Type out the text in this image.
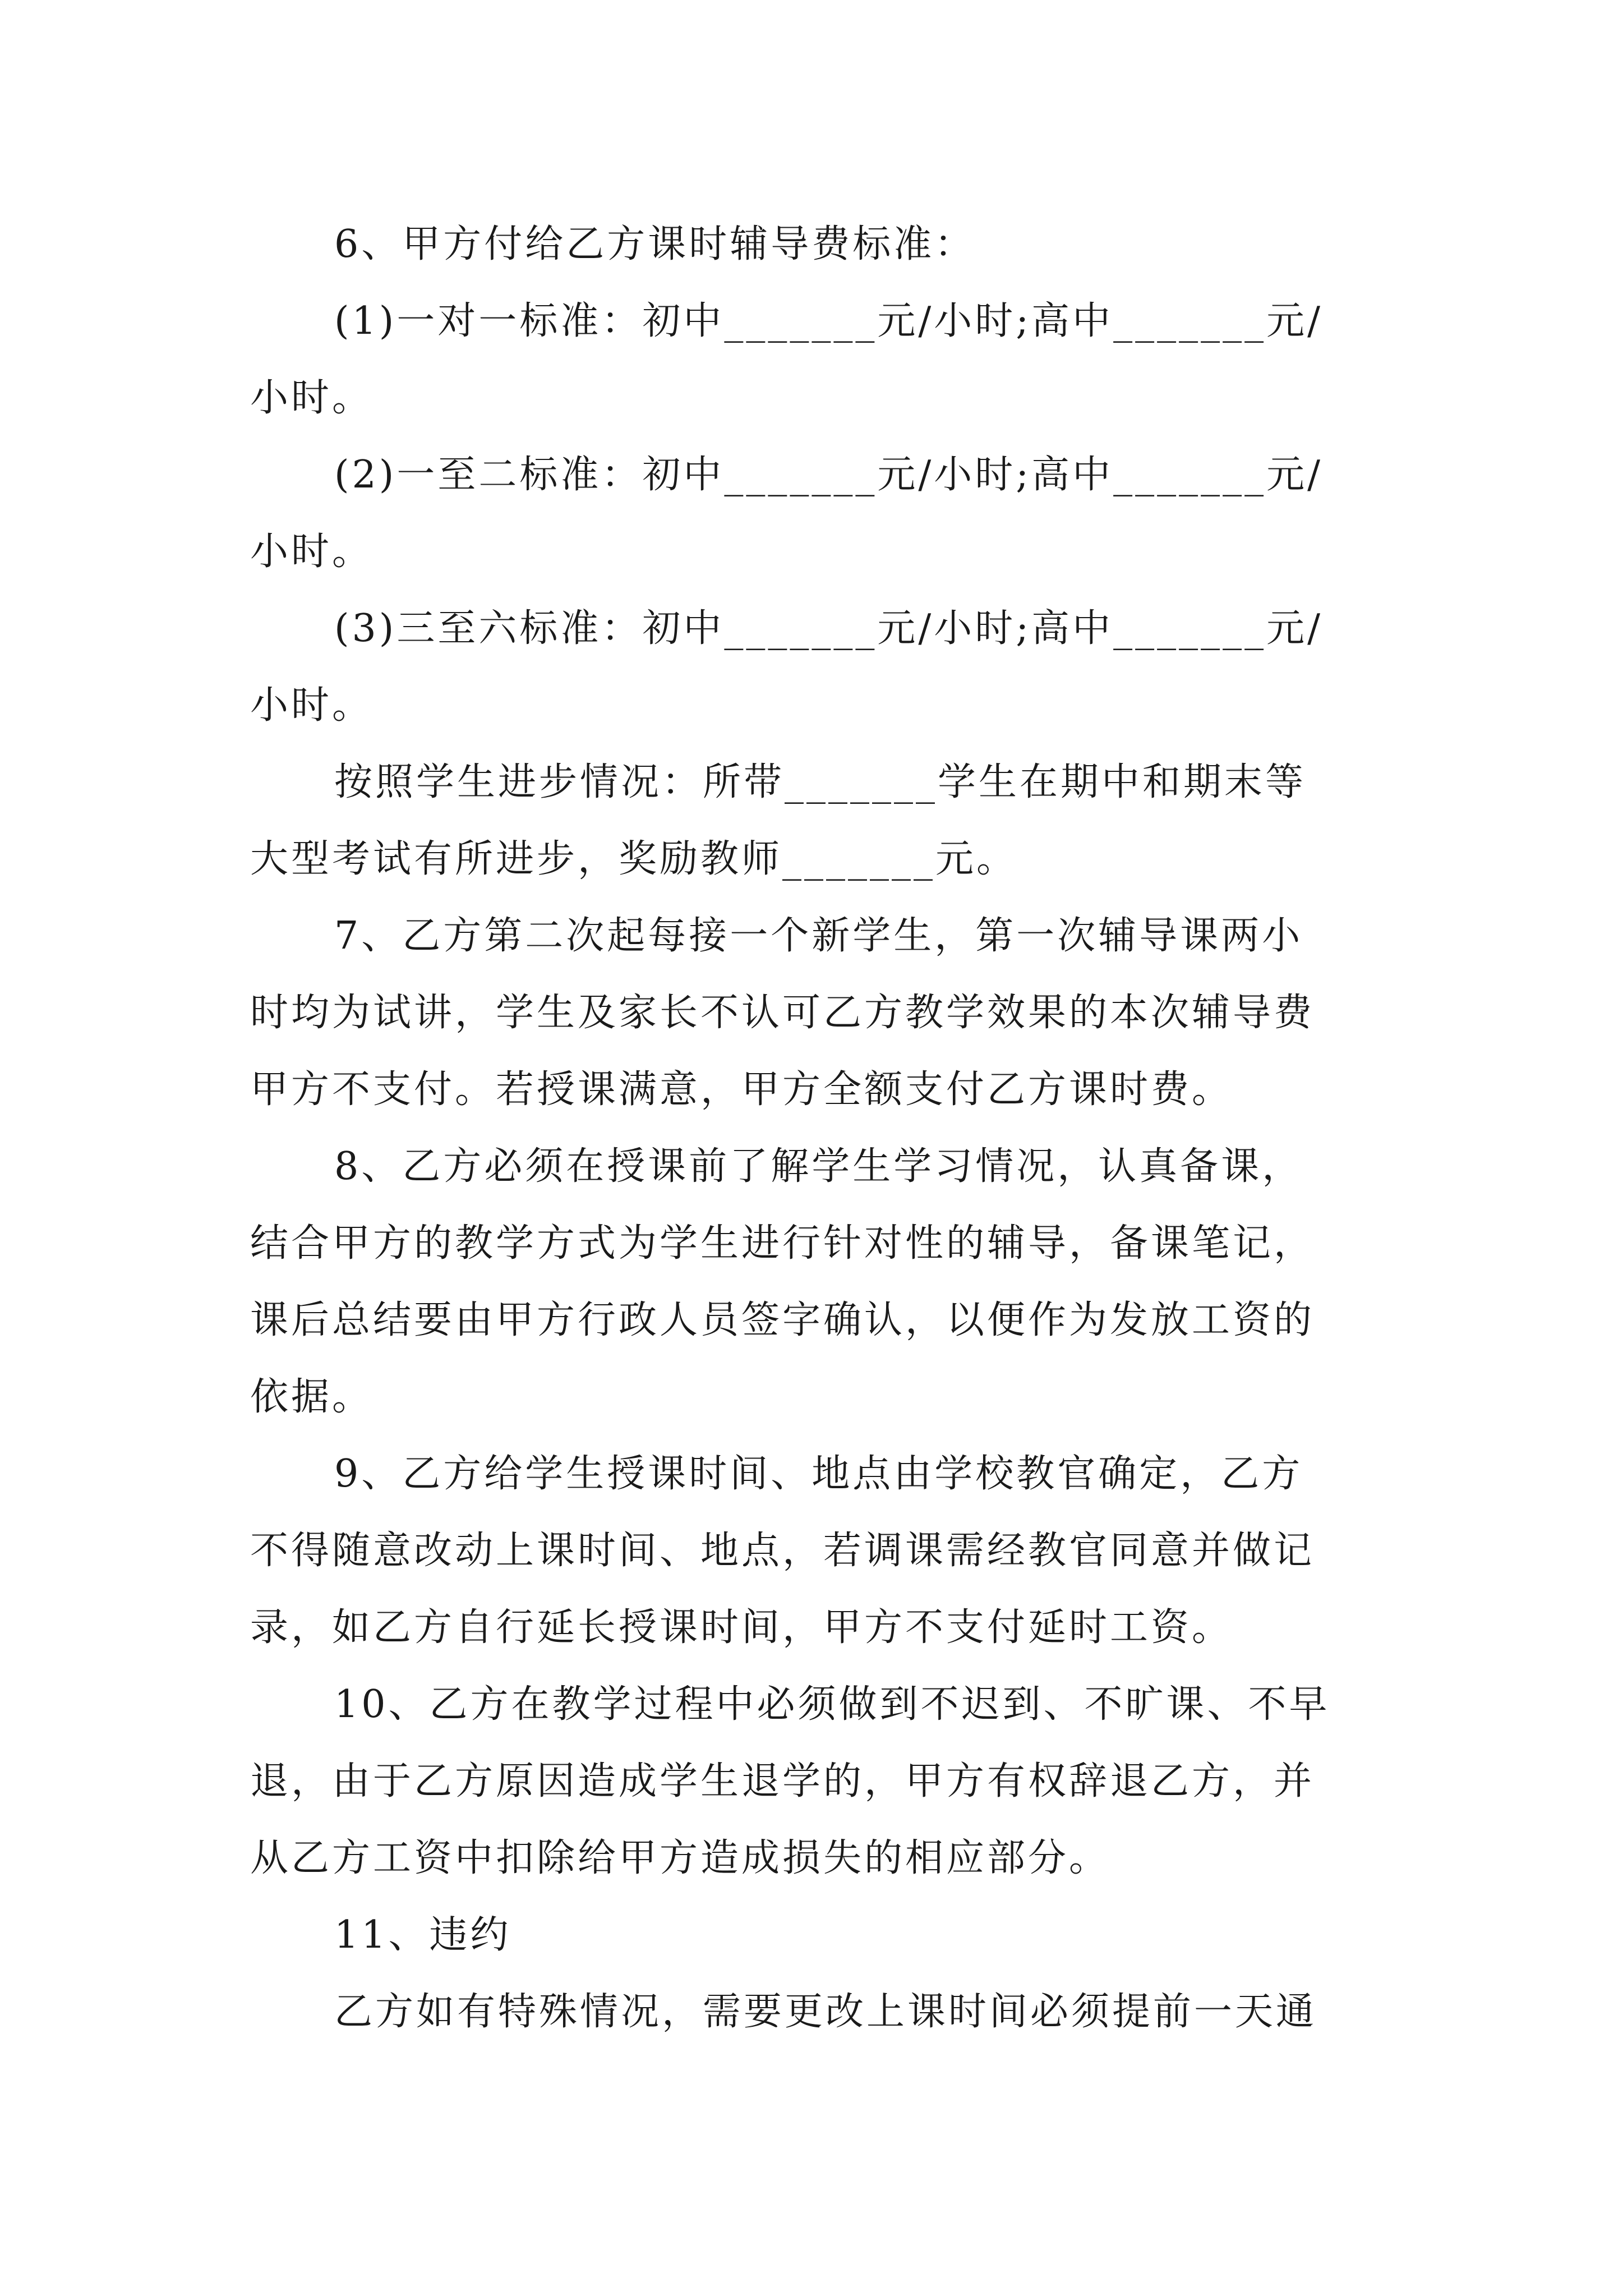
6、甲方付给乙方课时辅导费标准：
(1)一对一标准：初中_______元/小时;高中_______元/
小时。
(2)一至二标准：初中_______元/小时;高中_______元/
小时。
(3)三至六标准：初中_______元/小时;高中_______元/
小时。
按照学生进步情况：所带_______学生在期中和期末等
大型考试有所进步，奖励教师_______元。
7、乙方第二次起每接一个新学生，第一次辅导课两小
时均为试讲，学生及家长不认可乙方教学效果的本次辅导费
甲方不支付。若授课满意，甲方全额支付乙方课时费。
8、乙方必须在授课前了解学生学习情况，认真备课，
结合甲方的教学方式为学生进行针对性的辅导，备课笔记，
课后总结要由甲方行政人员签字确认，以便作为发放工资的
依据。
9、乙方给学生授课时间、地点由学校教官确定，乙方
不得随意改动上课时间、地点，若调课需经教官同意并做记
录，如乙方自行延长授课时间，甲方不支付延时工资。
10、乙方在教学过程中必须做到不迟到、不旷课、不早
退，由于乙方原因造成学生退学的，甲方有权辞退乙方，并
从乙方工资中扣除给甲方造成损失的相应部分。
11、违约
乙方如有特殊情况，需要更改上课时间必须提前一天通
